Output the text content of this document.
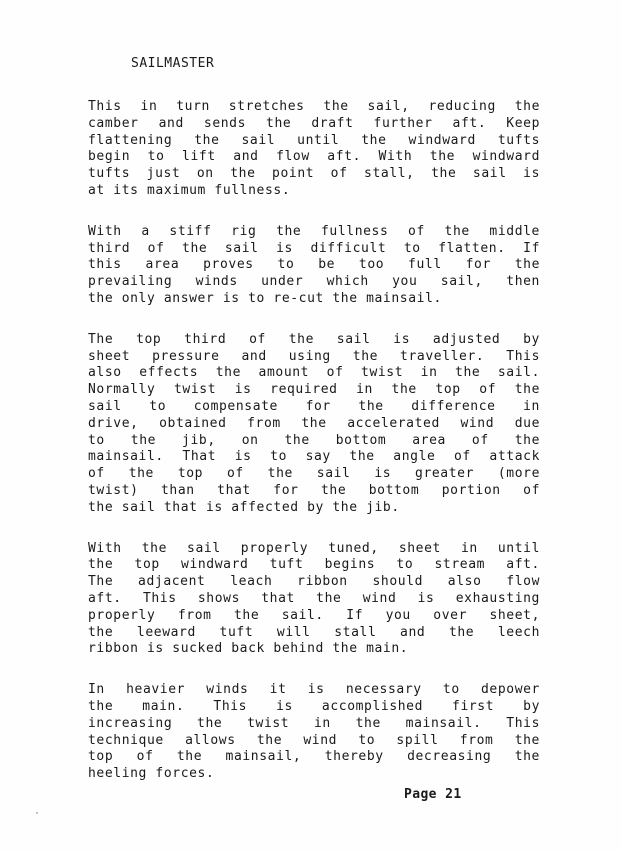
SAILMASTER

This in turn stretches the sail, reducing the
camber and sends the draft further aft. Keep
flattening the sail until the windward tufts
begin to lift and flow aft. With the windward
tufts just on the point of stall, the sail is
at its maximum fullness.

With a stiff rig the fullness of the middle
third of the sail is difficult to flatten. If
this area proves to be too full for the
prevailing winds under which you sail, then
the only answer is to re-cut the mainsail.

The top third of the sail is adjusted by
sheet pressure and using the traveller. This
also effects the amount of twist in the sail.
Normally twist is required in the top of the
sail to compensate for the difference in
drive, obtained from the accelerated wind due
to the jib, on the bottom area of the
mainsail. That is to say the angle of attack
of the top of the sail is greater (more
twist) than that for the bottom portion of
the sail that is affected by the jib.

With the sail properly tuned, sheet in until
the top windward tuft begins to stream aft.
The adjacent leach ribbon should also flow
aft. This shows that the wind is exhausting
properly from the sail. If you over sheet,
the leeward tuft will stall and the leech
ribbon is sucked back behind the main.

In heavier winds it is necessary to depower
the main. This is accomplished first by
increasing the twist in the mainsail. This
technique allows the wind to spill from the
top of the mainsail, thereby decreasing the
heeling forces.

Page 21
